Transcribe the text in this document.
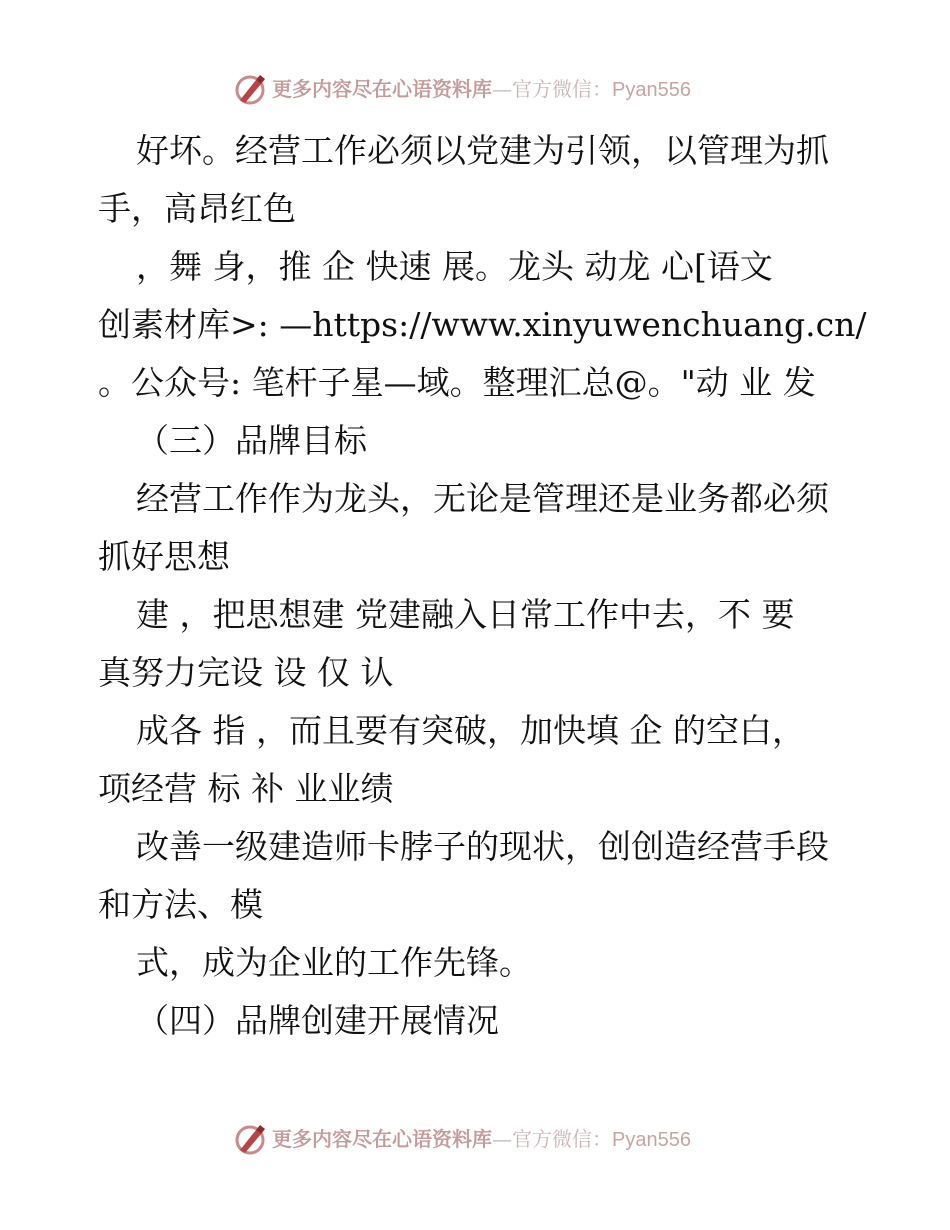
更多内容尽在心语资料库—官方微信：Pyan556
好坏。经营工作必须以党建为引领，以管理为抓
手，高昂红色
，舞 身，推 企 快速 展。龙头 动龙 心[语文
创素材库>: —https://www.xinyuwenchuang.cn/
。公众号: 笔杆子星—域。整理汇总@。"动 业 发
（三）品牌目标
经营工作作为龙头，无论是管理还是业务都必须
抓好思想
建 ，把思想建 党建融入日常工作中去，不 要
真努力完设 设 仅 认
成各 指 ，而且要有突破，加快填 企 的空白，
项经营 标 补 业业绩
改善一级建造师卡脖子的现状，创创造经营手段
和方法、模
式，成为企业的工作先锋。
（四）品牌创建开展情况
更多内容尽在心语资料库—官方微信：Pyan556
